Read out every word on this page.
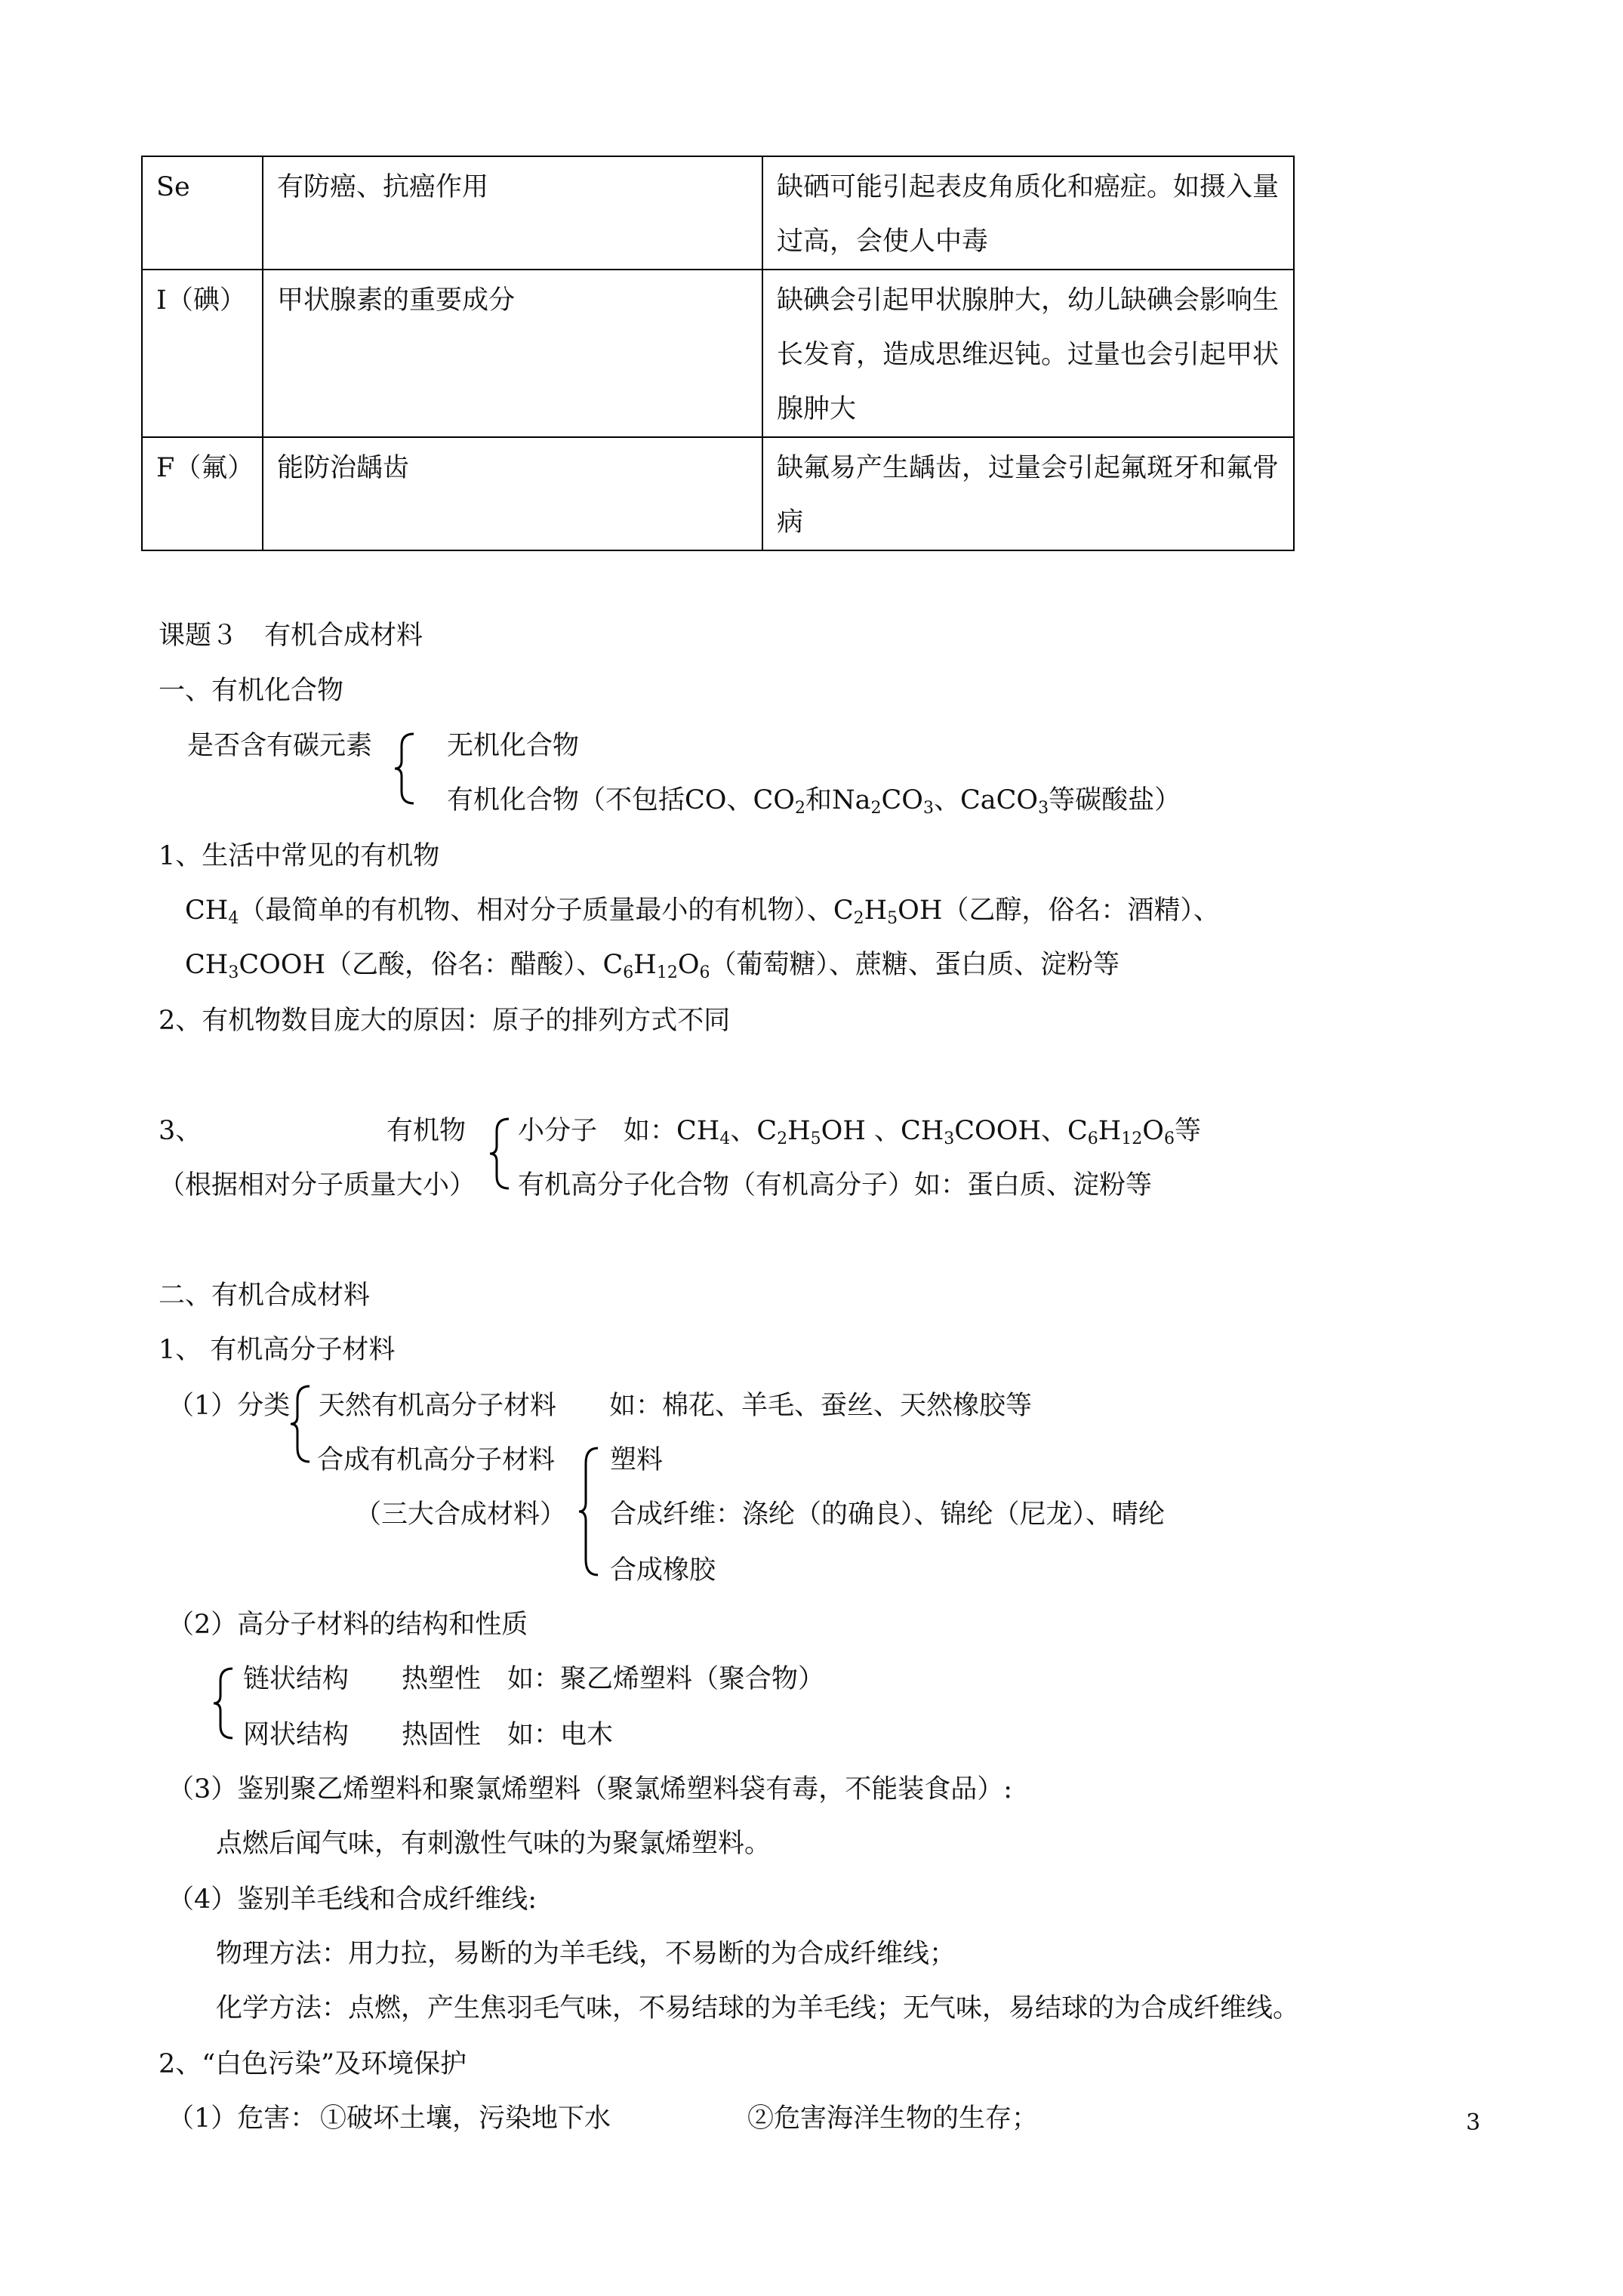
Se	有防癌、抗癌作用	缺硒可能引起表皮角质化和癌症。如摄入量过高，会使人中毒
I（碘）	甲状腺素的重要成分	缺碘会引起甲状腺肿大，幼儿缺碘会影响生长发育，造成思维迟钝。过量也会引起甲状腺肿大
F（氟）	能防治龋齿	缺氟易产生龋齿，过量会引起氟斑牙和氟骨病
课题３　有机合成材料
一、有机化合物
是否含有碳元素	无机化合物
有机化合物（不包括CO、$CO_2$和$Na_2CO_3$、CaCO$_3$等碳酸盐）
1、生活中常见的有机物
$CH_4$（最简单的有机物、相对分子质量最小的有机物）、$C_2H_5OH$（乙醇，俗名：酒精）、
$CH_3COOH$（乙酸，俗名：醋酸）、$C_6H_{12}O_6$（葡萄糖）、蔗糖、蛋白质、淀粉等
2、有机物数目庞大的原因：原子的排列方式不同
3、	有机物
（根据相对分子质量大小）
小分子　如：$CH_4$、$C_2H_5OH$ 、$CH_3COOH$、$C_6H_{12}O_6$等
有机高分子化合物（有机高分子）如：蛋白质、淀粉等
二、有机合成材料
1、 有机高分子材料
（1）分类 天然有机高分子材料　　如：棉花、羊毛、蚕丝、天然橡胶等
合成有机高分子材料
（三大合成材料）
塑料
合成纤维：涤纶（的确良）、锦纶（尼龙）、晴纶
合成橡胶
（2）高分子材料的结构和性质
链状结构　　热塑性　如：聚乙烯塑料（聚合物）
网状结构　　热固性　如：电木
（3）鉴别聚乙烯塑料和聚氯烯塑料（聚氯烯塑料袋有毒，不能装食品）:
点燃后闻气味，有刺激性气味的为聚氯烯塑料。
（4）鉴别羊毛线和合成纤维线:
物理方法：用力拉，易断的为羊毛线，不易断的为合成纤维线；
化学方法：点燃，产生焦羽毛气味，不易结球的为羊毛线；无气味，易结球的为合成纤维线。
2、“白色污染”及环境保护
（1）危害： ①破坏土壤，污染地下水	②危害海洋生物的生存；	3
